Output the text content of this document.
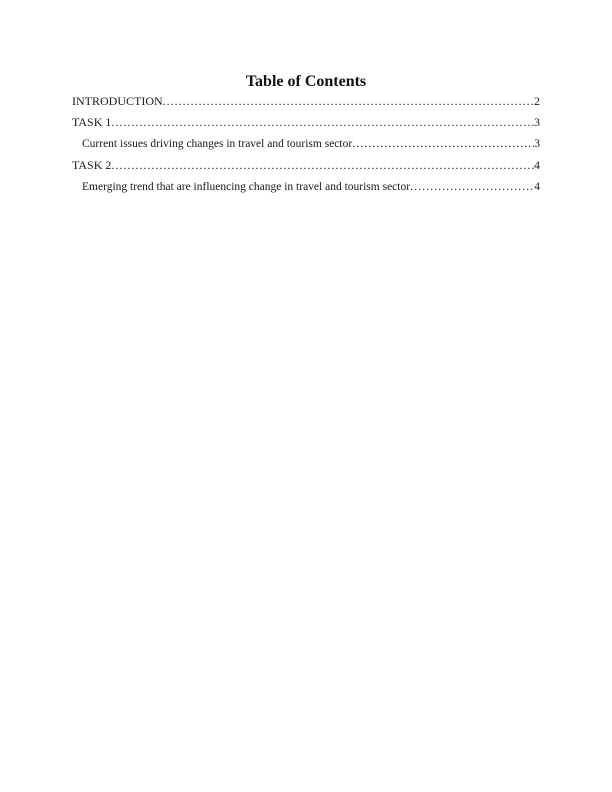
Table of Contents
INTRODUCTION .....	2
TASK 1 .....	3
Current issues driving changes in travel and tourism sector .....	3
TASK 2 .....	4
Emerging trend that are influencing change in travel and tourism sector .....	4
